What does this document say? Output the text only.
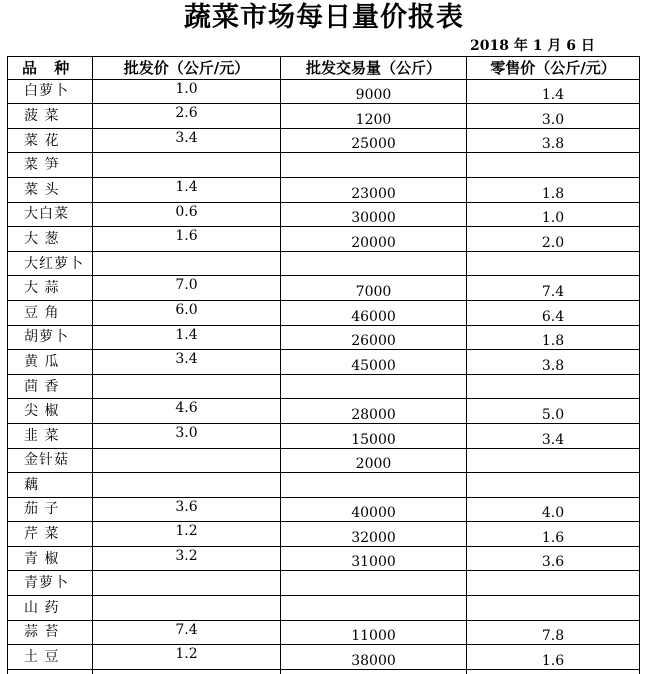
蔬菜市场每日量价报表
2018 年 1 月 6 日
品 种	批发价（公斤/元）	批发交易量（公斤）	零售价（公斤/元）
白萝卜	1.0	9000	1.4
菠 菜	2.6	1200	3.0
菜 花	3.4	25000	3.8
菜 笋			
菜 头	1.4	23000	1.8
大白菜	0.6	30000	1.0
大 葱	1.6	20000	2.0
大红萝卜			
大 蒜	7.0	7000	7.4
豆 角	6.0	46000	6.4
胡萝卜	1.4	26000	1.8
黄 瓜	3.4	45000	3.8
茴 香			
尖 椒	4.6	28000	5.0
韭 菜	3.0	15000	3.4
金针菇		2000	
藕			
茄 子	3.6	40000	4.0
芹 菜	1.2	32000	1.6
青 椒	3.2	31000	3.6
青萝卜			
山 药			
蒜 苔	7.4	11000	7.8
土 豆	1.2	38000	1.6
